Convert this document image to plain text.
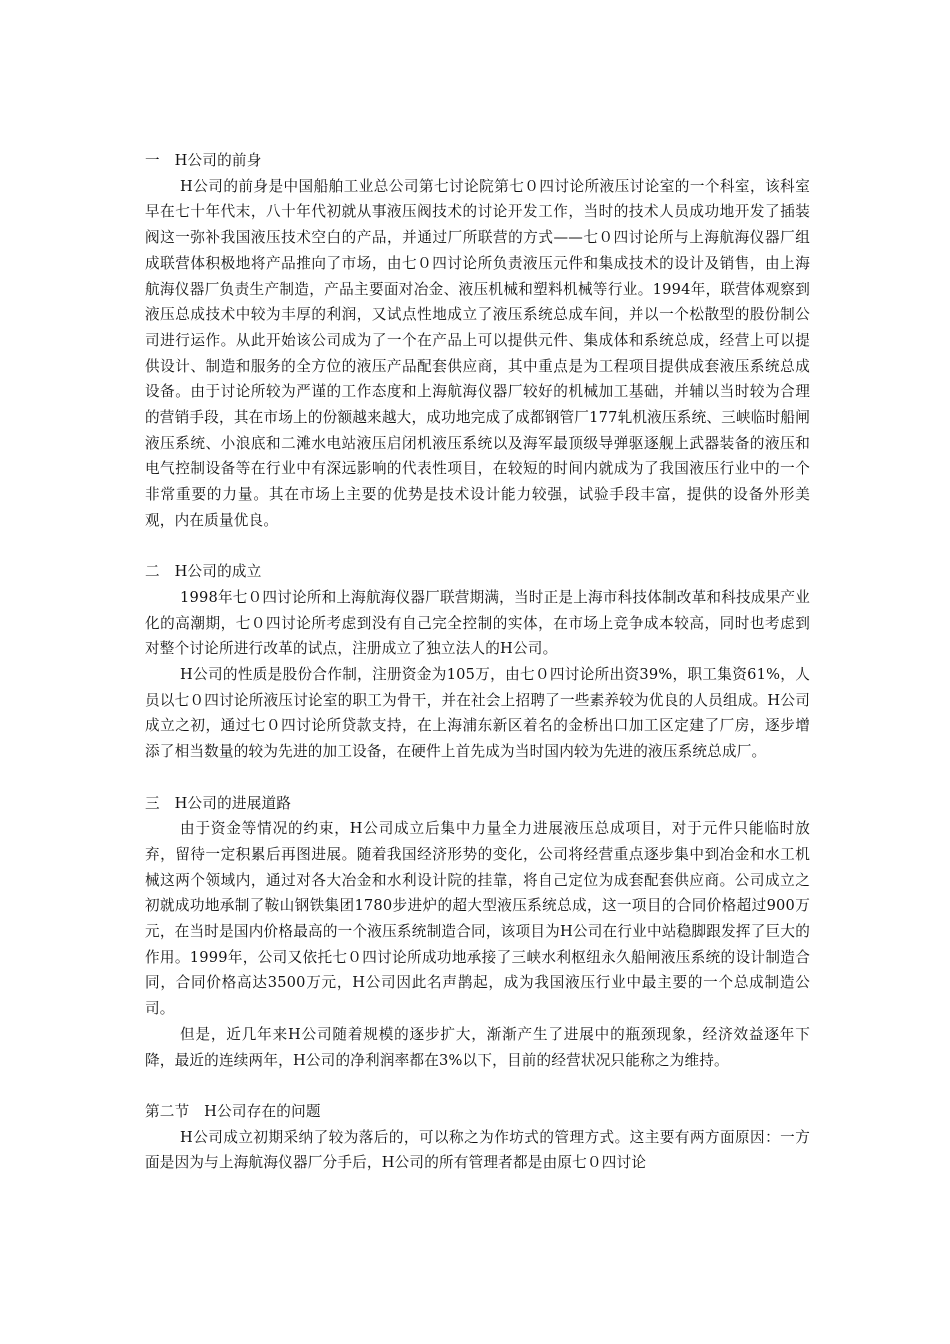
一　H公司的前身

H公司的前身是中国船舶工业总公司第七讨论院第七０四讨论所液压讨论室的一个科室，该科室早在七十年代末，八十年代初就从事液压阀技术的讨论开发工作，当时的技术人员成功地开发了插装阀这一弥补我国液压技术空白的产品，并通过厂所联营的方式——七０四讨论所与上海航海仪器厂组成联营体积极地将产品推向了市场，由七０四讨论所负责液压元件和集成技术的设计及销售，由上海航海仪器厂负责生产制造，产品主要面对冶金、液压机械和塑料机械等行业。1994年，联营体观察到液压总成技术中较为丰厚的利润，又试点性地成立了液压系统总成车间，并以一个松散型的股份制公司进行运作。从此开始该公司成为了一个在产品上可以提供元件、集成体和系统总成，经营上可以提供设计、制造和服务的全方位的液压产品配套供应商，其中重点是为工程项目提供成套液压系统总成设备。由于讨论所较为严谨的工作态度和上海航海仪器厂较好的机械加工基础，并辅以当时较为合理的营销手段，其在市场上的份额越来越大，成功地完成了成都钢管厂177轧机液压系统、三峡临时船闸液压系统、小浪底和二滩水电站液压启闭机液压系统以及海军最顶级导弹驱逐舰上武器装备的液压和电气控制设备等在行业中有深远影响的代表性项目，在较短的时间内就成为了我国液压行业中的一个非常重要的力量。其在市场上主要的优势是技术设计能力较强，试验手段丰富，提供的设备外形美观，内在质量优良。

二　H公司的成立

1998年七０四讨论所和上海航海仪器厂联营期满，当时正是上海市科技体制改革和科技成果产业化的高潮期，七０四讨论所考虑到没有自己完全控制的实体，在市场上竞争成本较高，同时也考虑到对整个讨论所进行改革的试点，注册成立了独立法人的H公司。

H公司的性质是股份合作制，注册资金为105万，由七０四讨论所出资39%，职工集资61%，人员以七０四讨论所液压讨论室的职工为骨干，并在社会上招聘了一些素养较为优良的人员组成。H公司成立之初，通过七０四讨论所贷款支持，在上海浦东新区着名的金桥出口加工区定建了厂房，逐步增添了相当数量的较为先进的加工设备，在硬件上首先成为当时国内较为先进的液压系统总成厂。

三　H公司的进展道路

由于资金等情况的约束，H公司成立后集中力量全力进展液压总成项目，对于元件只能临时放弃，留待一定积累后再图进展。随着我国经济形势的变化，公司将经营重点逐步集中到冶金和水工机械这两个领域内，通过对各大冶金和水利设计院的挂靠，将自己定位为成套配套供应商。公司成立之初就成功地承制了鞍山钢铁集团1780步进炉的超大型液压系统总成，这一项目的合同价格超过900万元，在当时是国内价格最高的一个液压系统制造合同，该项目为H公司在行业中站稳脚跟发挥了巨大的作用。1999年，公司又依托七０四讨论所成功地承接了三峡水利枢纽永久船闸液压系统的设计制造合同，合同价格高达3500万元，H公司因此名声鹊起，成为我国液压行业中最主要的一个总成制造公司。

但是，近几年来H公司随着规模的逐步扩大，渐渐产生了进展中的瓶颈现象，经济效益逐年下降，最近的连续两年，H公司的净利润率都在3%以下，目前的经营状况只能称之为维持。

第二节　H公司存在的问题

H公司成立初期采纳了较为落后的，可以称之为作坊式的管理方式。这主要有两方面原因：一方面是因为与上海航海仪器厂分手后，H公司的所有管理者都是由原七０四讨论
